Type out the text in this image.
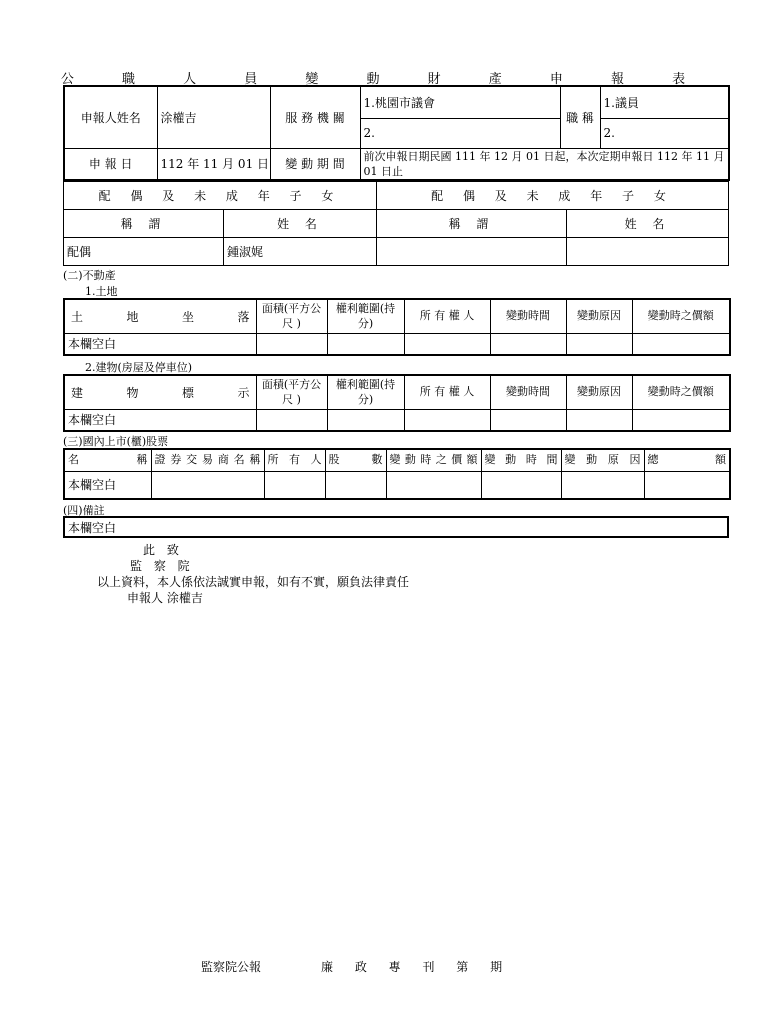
公 職 人 員 變 動 財 產 申 報 表
申報人姓名	涂權吉	服 務 機 關	1.桃園市議會	職 稱	1.議員
			2.		2.
申 報 日	112 年 11 月 01 日	變 動 期 間	前次申報日期民國 111 年 12 月 01 日起，本次定期申報日 112 年 11 月 01 日止		
配 偶 及 未 成 年 子 女		配 偶 及 未 成 年 子 女	
稱 謂	姓 名	稱 謂	姓 名
配偶	鍾淑娓		
(二)不動產
1.土地
土 地 坐 落	面積(平方公 尺 )	權利範圍(持 分)	所 有 權 人	變動時間	變動原因	變動時之價額
本欄空白						
2.建物(房屋及停車位)
建 物 標 示	面積(平方公 尺 )	權利範圍(持 分)	所 有 權 人	變動時間	變動原因	變動時之價額
本欄空白						
(三)國內上市(櫃)股票
名 稱	證券交易商名稱	所 有 人	股 數	變動時之價額	變 動 時 間	變 動 原 因	總 額
本欄空白							
(四)備註
本欄空白
此 致
監 察 院
以上資料，本人係依法誠實申報，如有不實，願負法律責任
申報人 涂權吉
監察院公報	廉 政 專 刊 第 期
